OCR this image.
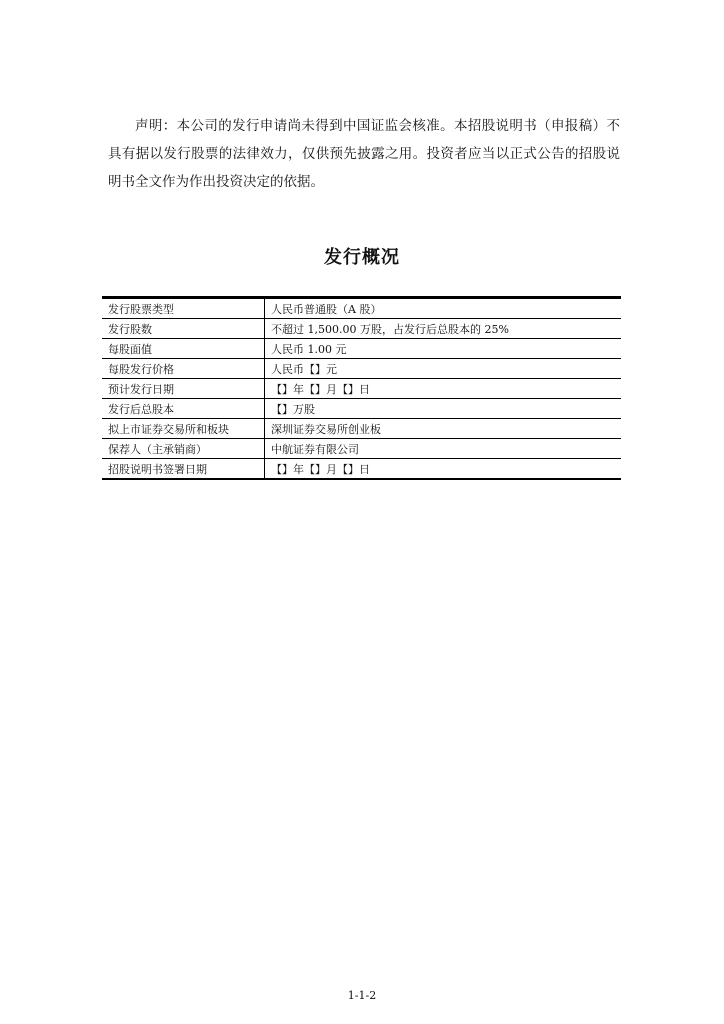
声明：本公司的发行申请尚未得到中国证监会核准。本招股说明书（申报稿）不具有据以发行股票的法律效力，仅供预先披露之用。投资者应当以正式公告的招股说明书全文作为作出投资决定的依据。

发行概况
发行股票类型	人民币普通股（A 股）
发行股数	不超过 1,500.00 万股，占发行后总股本的 25%
每股面值	人民币 1.00 元
每股发行价格	人民币【】元
预计发行日期	【】年【】月【】日
发行后总股本	【】万股
拟上市证券交易所和板块	深圳证券交易所创业板
保荐人（主承销商）	中航证券有限公司
招股说明书签署日期	【】年【】月【】日
1-1-2
